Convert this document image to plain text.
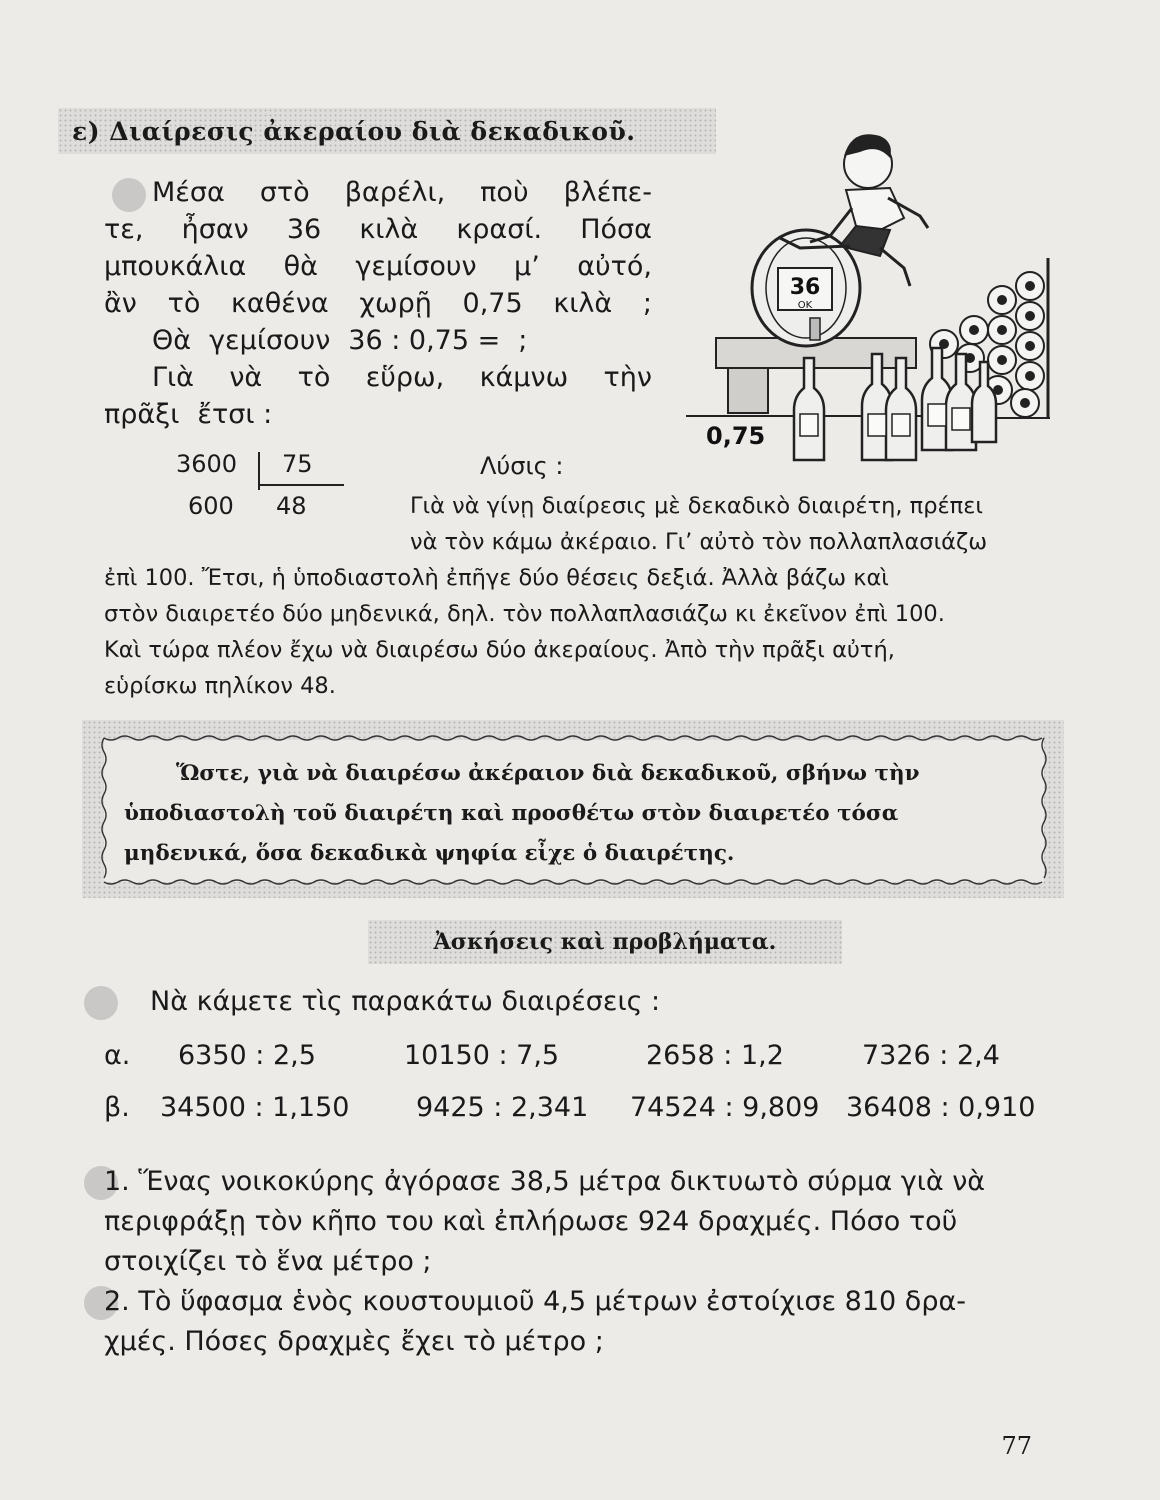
ε) Διαίρεσις ἀκεραίου διὰ δεκαδικοῦ.
Μέσα στὸ βαρέλι, ποὺ βλέπε-
τε, ἦσαν 36 κιλὰ κρασί. Πόσα
μπουκάλια θὰ γεμίσουν μ’ αὐτό,
ἂν τὸ καθένα χωρῇ 0,75 κιλὰ ;
Θὰ γεμίσουν 36 : 0,75 = ;
Γιὰ νὰ τὸ εὕρω, κάμνω τὴν
πρᾶξι ἔτσι :
36
ΟΚ
0,75
3600 75
600 48
Λύσις :
Γιὰ νὰ γίνῃ διαίρεσις μὲ δεκαδικὸ διαιρέτη, πρέπει
νὰ τὸν κάμω ἀκέραιο. Γι’ αὐτὸ τὸν πολλαπλασιάζω
ἐπὶ 100. Ἔτσι, ἡ ὑποδιαστολὴ ἐπῆγε δύο θέσεις δεξιά. Ἀλλὰ βάζω καὶ
στὸν διαιρετέο δύο μηδενικά, δηλ. τὸν πολλαπλασιάζω κι ἐκεῖνον ἐπὶ 100.
Καὶ τώρα πλέον ἔχω νὰ διαιρέσω δύο ἀκεραίους. Ἀπὸ τὴν πρᾶξι αὐτή,
εὑρίσκω πηλίκον 48.
Ὥστε, γιὰ νὰ διαιρέσω ἀκέραιον διὰ δεκαδικοῦ, σβήνω τὴν
ὑποδιαστολὴ τοῦ διαιρέτη καὶ προσθέτω στὸν διαιρετέο τόσα
μηδενικά, ὅσα δεκαδικὰ ψηφία εἶχε ὁ διαιρέτης.
Ἀσκήσεις καὶ προβλήματα.
Νὰ κάμετε τὶς παρακάτω διαιρέσεις :
α. 6350 : 2,5	10150 : 7,5	2658 : 1,2	7326 : 2,4
β. 34500 : 1,150 9425 : 2,341 74524 : 9,809 36408 : 0,910
1. Ἕνας νοικοκύρης ἀγόρασε 38,5 μέτρα δικτυωτὸ σύρμα γιὰ νὰ
περιφράξῃ τὸν κῆπο του καὶ ἐπλήρωσε 924 δραχμές. Πόσο τοῦ
στοιχίζει τὸ ἕνα μέτρο ;
2. Τὸ ὕφασμα ἑνὸς κουστουμιοῦ 4,5 μέτρων ἐστοίχισε 810 δρα-
χμές. Πόσες δραχμὲς ἔχει τὸ μέτρο ;
77
